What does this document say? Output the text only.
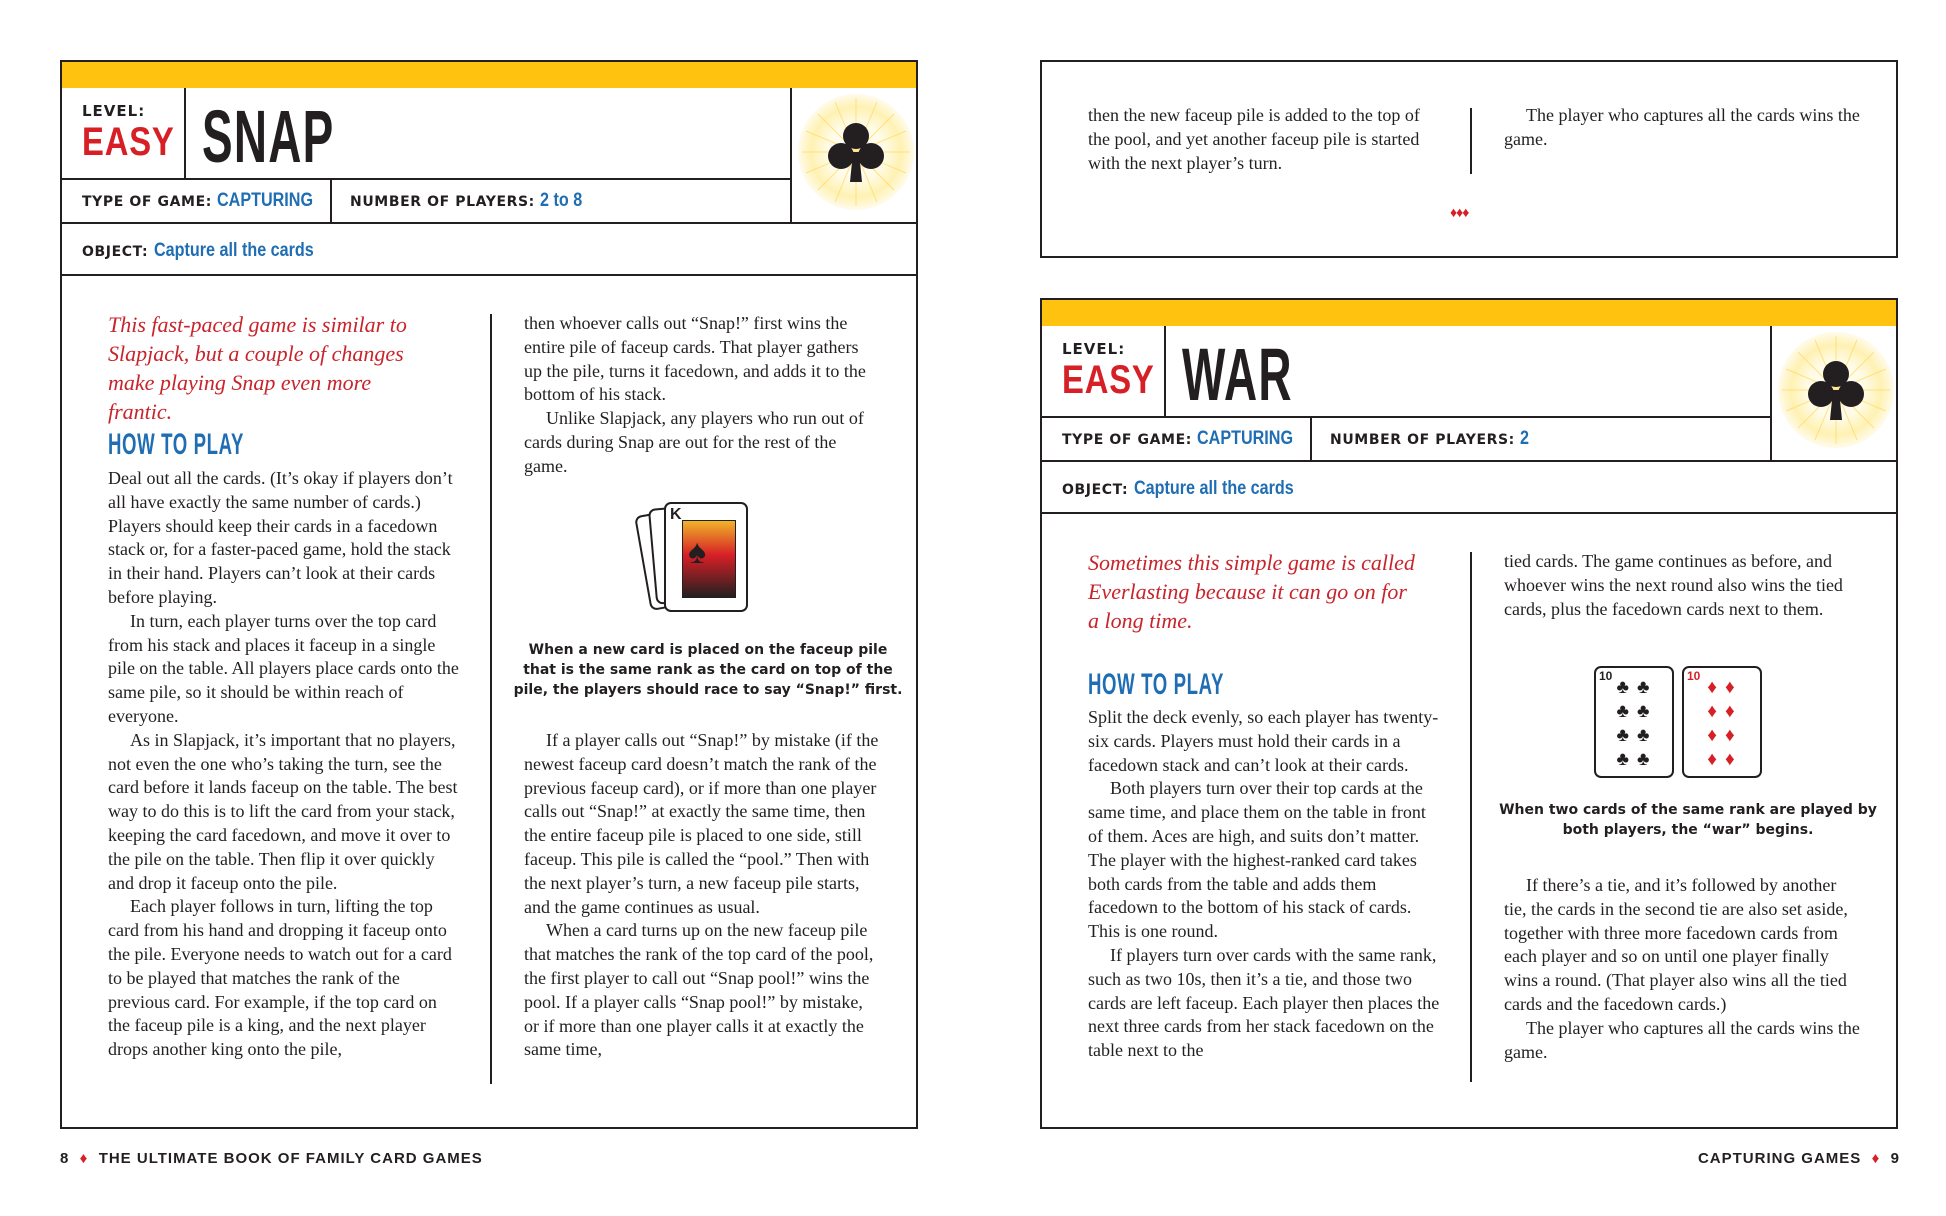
LEVEL:
EASY SNAP
TYPE OF GAME: CAPTURING	NUMBER OF PLAYERS: 2 to 8
OBJECT: Capture all the cards
This fast-paced game is similar to Slapjack, but a couple of changes make playing Snap even more frantic.
HOW TO PLAY

Deal out all the cards. (It’s okay if players don’t all have exactly the same number of cards.) Players should keep their cards in a facedown stack or, for a faster-paced game, hold the stack in their hand. Players can’t look at their cards before playing.

In turn, each player turns over the top card from his stack and places it faceup in a single pile on the table. All players place cards onto the same pile, so it should be within reach of everyone.

As in Slapjack, it’s important that no players, not even the one who’s taking the turn, see the card before it lands faceup on the table. The best way to do this is to lift the card from your stack, keeping the card facedown, and move it over to the pile on the table. Then flip it over quickly and drop it faceup onto the pile.

Each player follows in turn, lifting the top card from his hand and dropping it faceup onto the pile. Everyone needs to watch out for a card to be played that matches the rank of the previous card. For example, if the top card on the faceup pile is a king, and the next player drops another king onto the pile,

then whoever calls out “Snap!” first wins the entire pile of faceup cards. That player gathers up the pile, turns it facedown, and adds it to the bottom of his stack.

Unlike Slapjack, any players who run out of cards during Snap are out for the rest of the game.

K
♠
When a new card is placed on the faceup pile that is the same rank as the card on top of the pile, the players should race to say “Snap!” first.

If a player calls out “Snap!” by mistake (if the newest faceup card doesn’t match the rank of the previous faceup card), or if more than one player calls out “Snap!” at exactly the same time, then the entire faceup pile is placed to one side, still faceup. This pile is called the “pool.” Then with the next player’s turn, a new faceup pile starts, and the game continues as usual.

When a card turns up on the new faceup pile that matches the rank of the top card of the pool, the first player to call out “Snap pool!” wins the pool. If a player calls “Snap pool!” by mistake, or if more than one player calls it at exactly the same time,

8  ♦  THE ULTIMATE BOOK OF FAMILY CARD GAMES
then the new faceup pile is added to the top of the pool, and yet another faceup pile is started with the next player’s turn.
The player who captures all the cards wins the game.
♦♦♦
LEVEL:
EASY WAR
TYPE OF GAME: CAPTURING	NUMBER OF PLAYERS: 2
OBJECT: Capture all the cards
Sometimes this simple game is called Everlasting because it can go on for a long time.
HOW TO PLAY

Split the deck evenly, so each player has twenty-six cards. Players must hold their cards in a facedown stack and can’t look at their cards.

Both players turn over their top cards at the same time, and place them on the table in front of them. Aces are high, and suits don’t matter. The player with the highest-ranked card takes both cards from the table and adds them facedown to the bottom of his stack of cards. This is one round.

If players turn over cards with the same rank, such as two 10s, then it’s a tie, and those two cards are left faceup. Each player then places the next three cards from her stack facedown on the table next to the

tied cards. The game continues as before, and whoever wins the next round also wins the tied cards, plus the facedown cards next to them.
10
♣♣
♣♣
♣♣
♣♣
10
♦♦
♦♦
♦♦
♦♦
When two cards of the same rank are played by both players, the “war” begins.

If there’s a tie, and it’s followed by another tie, the cards in the second tie are also set aside, together with three more facedown cards from each player and so on until one player finally wins a round. (That player also wins all the tied cards and the facedown cards.)

The player who captures all the cards wins the game.

CAPTURING GAMES  ♦  9
